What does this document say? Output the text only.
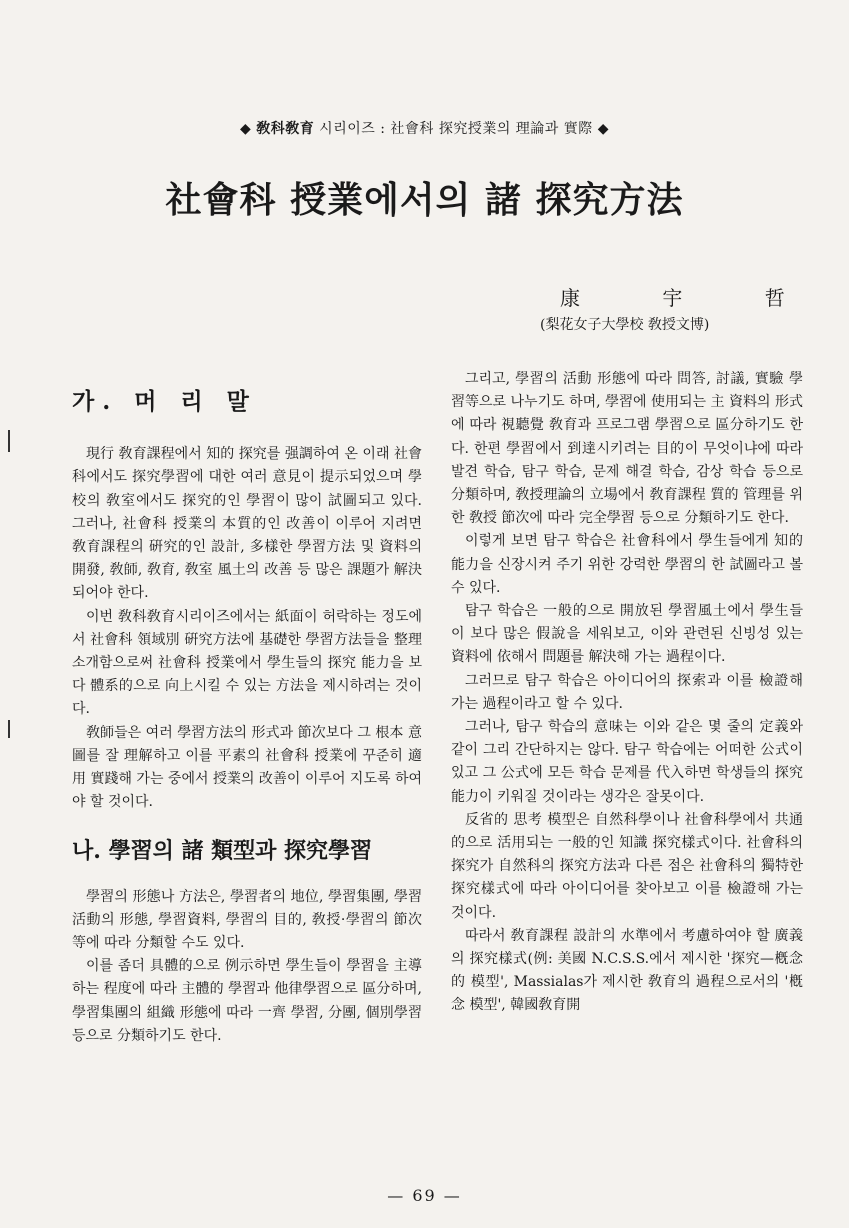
◆ 敎科敎育 시리이즈 : 社會科 探究授業의 理論과 實際 ◆
社會科 授業에서의 諸 探究方法
康 宇 哲
(梨花女子大學校 敎授文博)

가. 머 리 말

現行 敎育課程에서 知的 探究를 强調하여 온 이래 社會科에서도 探究學習에 대한 여러 意見이 提示되었으며 學校의 敎室에서도 探究的인 學習이 많이 試圖되고 있다. 그러나, 社會科 授業의 本質的인 改善이 이루어 지려면 敎育課程의 硏究的인 設計, 多樣한 學習方法 및 資料의 開發, 敎師, 敎育, 敎室 風土의 改善 등 많은 課題가 解決되어야 한다.

이번 敎科敎育시리이즈에서는 紙面이 허락하는 정도에서 社會科 領域別 硏究方法에 基礎한 學習方法들을 整理 소개함으로써 社會科 授業에서 學生들의 探究 能力을 보다 體系的으로 向上시킬 수 있는 方法을 제시하려는 것이다.

敎師들은 여러 學習方法의 形式과 節次보다 그 根本 意圖를 잘 理解하고 이를 平素의 社會科 授業에 꾸준히 適用 實踐해 가는 중에서 授業의 改善이 이루어 지도록 하여야 할 것이다.

나. 學習의 諸 類型과 探究學習

學習의 形態나 方法은, 學習者의 地位, 學習集團, 學習 活動의 形態, 學習資料, 學習의 目的, 敎授·學習의 節次 等에 따라 分類할 수도 있다.

이를 좀더 具體的으로 例示하면 學生들이 學習을 主導하는 程度에 따라 主體的 學習과 他律學習으로 區分하며, 學習集團의 組織 形態에 따라 一齊 學習, 分團, 個別學習 등으로 分類하기도 한다.

그리고, 學習의 活動 形態에 따라 問答, 討議, 實驗 學習等으로 나누기도 하며, 學習에 使用되는 主 資料의 形式에 따라 視聽覺 敎育과 프로그램 學習으로 區分하기도 한다. 한편 學習에서 到達시키려는 目的이 무엇이냐에 따라 발견 학습, 탐구 학습, 문제 해결 학습, 감상 학습 등으로 分類하며, 敎授理論의 立場에서 敎育課程 質的 管理를 위한 敎授 節次에 따라 完全學習 등으로 分類하기도 한다.

이렇게 보면 탐구 학습은 社會科에서 學生들에게 知的 能力을 신장시켜 주기 위한 강력한 學習의 한 試圖라고 볼 수 있다.

탐구 학습은 一般的으로 開放된 學習風土에서 學生들이 보다 많은 假說을 세워보고, 이와 관련된 신빙성 있는 資料에 依해서 問題를 解決해 가는 過程이다.

그러므로 탐구 학습은 아이디어의 探索과 이를 檢證해 가는 過程이라고 할 수 있다.

그러나, 탐구 학습의 意味는 이와 같은 몇 줄의 定義와 같이 그리 간단하지는 않다. 탐구 학습에는 어떠한 公式이 있고 그 公式에 모든 학습 문제를 代入하면 학생들의 探究 能力이 키워질 것이라는 생각은 잘못이다.

反省的 思考 模型은 自然科學이나 社會科學에서 共通的으로 活用되는 一般的인 知識 探究樣式이다. 社會科의 探究가 自然科의 探究方法과 다른 점은 社會科의 獨特한 探究樣式에 따라 아이디어를 찾아보고 이를 檢證해 가는 것이다.

따라서 敎育課程 設計의 水準에서 考慮하여야 할 廣義의 探究樣式(例: 美國 N.C.S.S.에서 제시한 '探究—槪念的 模型', Massialas가 제시한 敎育의 過程으로서의 '槪念 模型', 韓國敎育開

— 69 —
